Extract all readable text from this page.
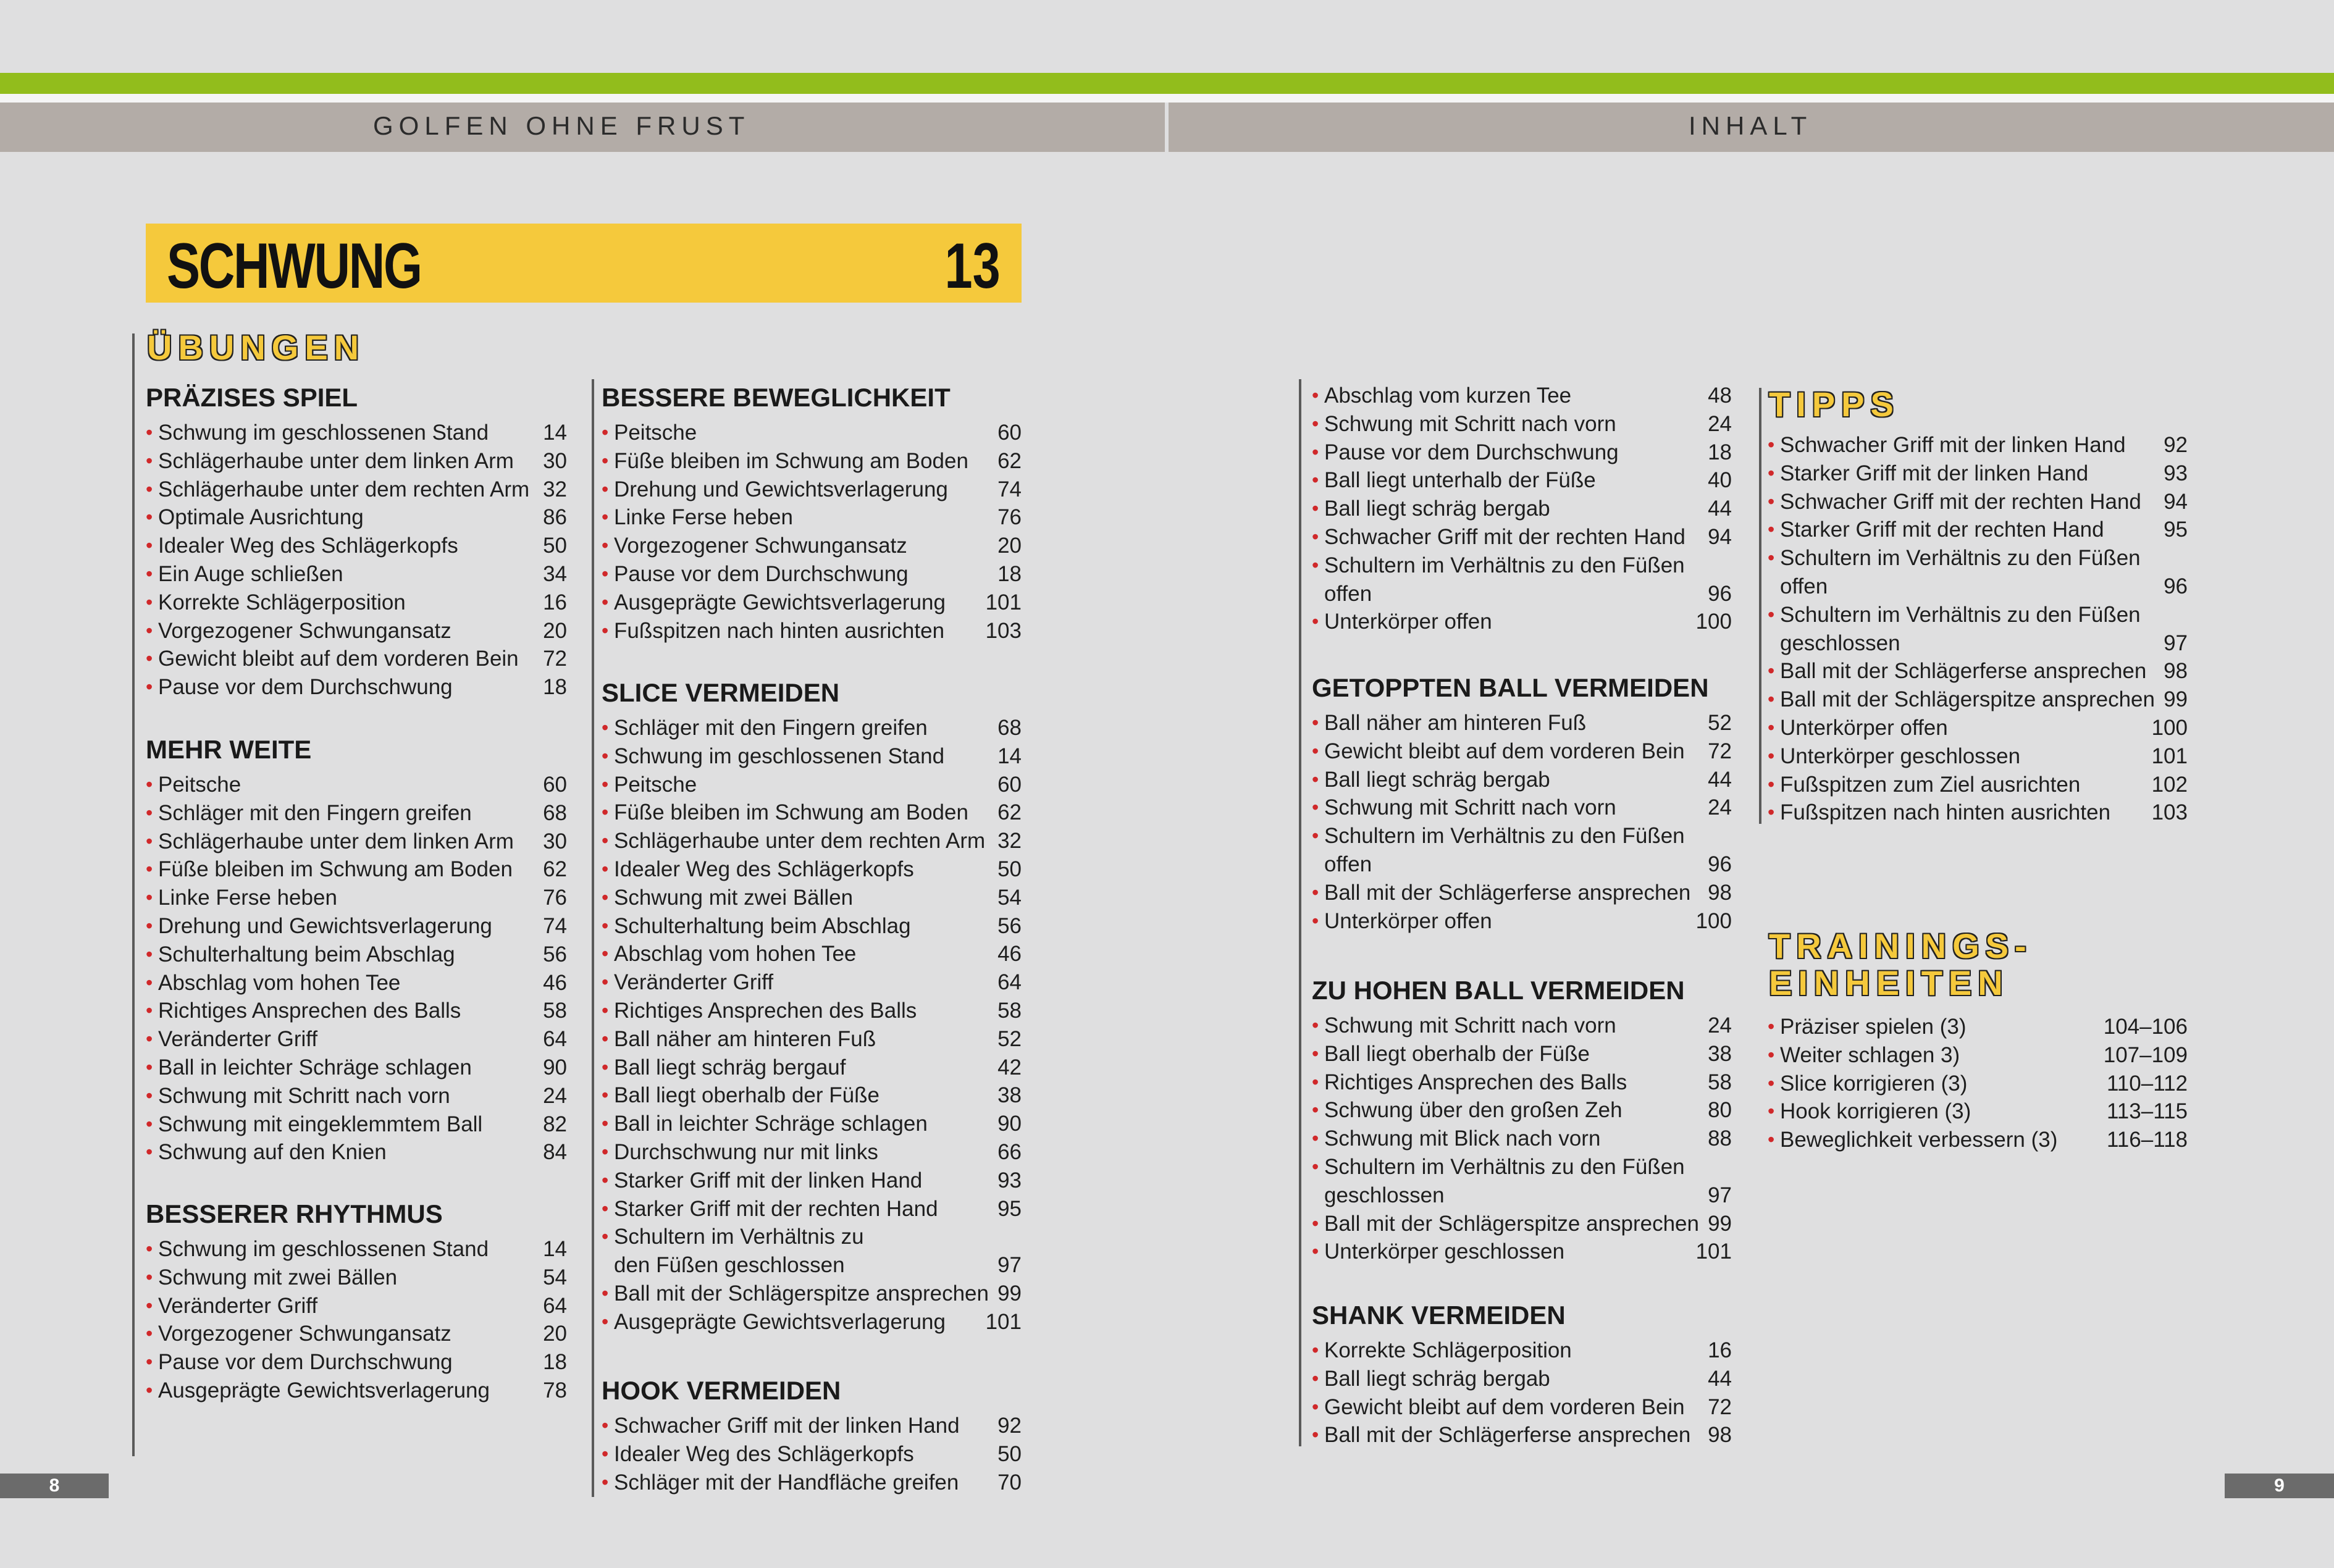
GOLFEN OHNE FRUST	INHALT
SCHWUNG	13
ÜBUNGEN
PRÄZISES SPIEL
• Schwung im geschlossenen Stand	14
• Schlägerhaube unter dem linken Arm 30
• Schlägerhaube unter dem rechten Arm 32
• Optimale Ausrichtung	86
• Idealer Weg des Schlägerkopfs	50
• Ein Auge schließen	34
• Korrekte Schlägerposition	16
• Vorgezogener Schwungansatz	20
• Gewicht bleibt auf dem vorderen Bein 72
• Pause vor dem Durchschwung	18
MEHR WEITE
• Peitsche	60
• Schläger mit den Fingern greifen	68
• Schlägerhaube unter dem linken Arm 30
• Füße bleiben im Schwung am Boden 62
• Linke Ferse heben	76
• Drehung und Gewichtsverlagerung 74
• Schulterhaltung beim Abschlag	56
• Abschlag vom hohen Tee	46
• Richtiges Ansprechen des Balls	58
• Veränderter Griff	64
• Ball in leichter Schräge schlagen	90
• Schwung mit Schritt nach vorn	24
• Schwung mit eingeklemmtem Ball	82
• Schwung auf den Knien	84
BESSERER RHYTHMUS
• Schwung im geschlossenen Stand	14
• Schwung mit zwei Bällen	54
• Veränderter Griff	64
• Vorgezogener Schwungansatz	20
• Pause vor dem Durchschwung	18
• Ausgeprägte Gewichtsverlagerung 78
BESSERE BEWEGLICHKEIT
• Peitsche	60
• Füße bleiben im Schwung am Boden 62
• Drehung und Gewichtsverlagerung 74
• Linke Ferse heben	76
• Vorgezogener Schwungansatz	20
• Pause vor dem Durchschwung	18
• Ausgeprägte Gewichtsverlagerung 101
• Fußspitzen nach hinten ausrichten 103
SLICE VERMEIDEN
• Schläger mit den Fingern greifen	68
• Schwung im geschlossenen Stand 14
• Peitsche	60
• Füße bleiben im Schwung am Boden 62
• Schlägerhaube unter dem rechten Arm 32
• Idealer Weg des Schlägerkopfs	50
• Schwung mit zwei Bällen	54
• Schulterhaltung beim Abschlag	56
• Abschlag vom hohen Tee	46
• Veränderter Griff	64
• Richtiges Ansprechen des Balls	58
• Ball näher am hinteren Fuß	52
• Ball liegt schräg bergauf	42
• Ball liegt oberhalb der Füße	38
• Ball in leichter Schräge schlagen	90
• Durchschwung nur mit links	66
• Starker Griff mit der linken Hand	93
• Starker Griff mit der rechten Hand	95
• Schultern im Verhältnis zu
den Füßen geschlossen	97
• Ball mit der Schlägerspitze ansprechen 99
• Ausgeprägte Gewichtsverlagerung 101
HOOK VERMEIDEN
• Schwacher Griff mit der linken Hand 92
• Idealer Weg des Schlägerkopfs	50
• Schläger mit der Handfläche greifen 70
• Abschlag vom kurzen Tee	48
• Schwung mit Schritt nach vorn	24
• Pause vor dem Durchschwung	18
• Ball liegt unterhalb der Füße	40
• Ball liegt schräg bergab	44
• Schwacher Griff mit der rechten Hand 94
• Schultern im Verhältnis zu den Füßen
offen	96
• Unterkörper offen	100
GETOPPTEN BALL VERMEIDEN
• Ball näher am hinteren Fuß	52
• Gewicht bleibt auf dem vorderen Bein 72
• Ball liegt schräg bergab	44
• Schwung mit Schritt nach vorn	24
• Schultern im Verhältnis zu den Füßen
offen	96
• Ball mit der Schlägerferse ansprechen 98
• Unterkörper offen	100
ZU HOHEN BALL VERMEIDEN
• Schwung mit Schritt nach vorn	24
• Ball liegt oberhalb der Füße	38
• Richtiges Ansprechen des Balls	58
• Schwung über den großen Zeh	80
• Schwung mit Blick nach vorn	88
• Schultern im Verhältnis zu den Füßen
geschlossen	97
• Ball mit der Schlägerspitze ansprechen 99
• Unterkörper geschlossen	101
SHANK VERMEIDEN
• Korrekte Schlägerposition	16
• Ball liegt schräg bergab	44
• Gewicht bleibt auf dem vorderen Bein 72
• Ball mit der Schlägerferse ansprechen 98
TIPPS
• Schwacher Griff mit der linken Hand 92
• Starker Griff mit der linken Hand	93
• Schwacher Griff mit der rechten Hand 94
• Starker Griff mit der rechten Hand	95
• Schultern im Verhältnis zu den Füßen
offen	96
• Schultern im Verhältnis zu den Füßen
geschlossen	97
• Ball mit der Schlägerferse ansprechen 98
• Ball mit der Schlägerspitze ansprechen 99
• Unterkörper offen	100
• Unterkörper geschlossen	101
• Fußspitzen zum Ziel ausrichten	102
• Fußspitzen nach hinten ausrichten 103
TRAININGS-
EINHEITEN
• Präziser spielen (3)	104–106
• Weiter schlagen 3)	107–109
• Slice korrigieren (3)	110–112
• Hook korrigieren (3)	113–115
• Beweglichkeit verbessern (3) 116–118
8	9
